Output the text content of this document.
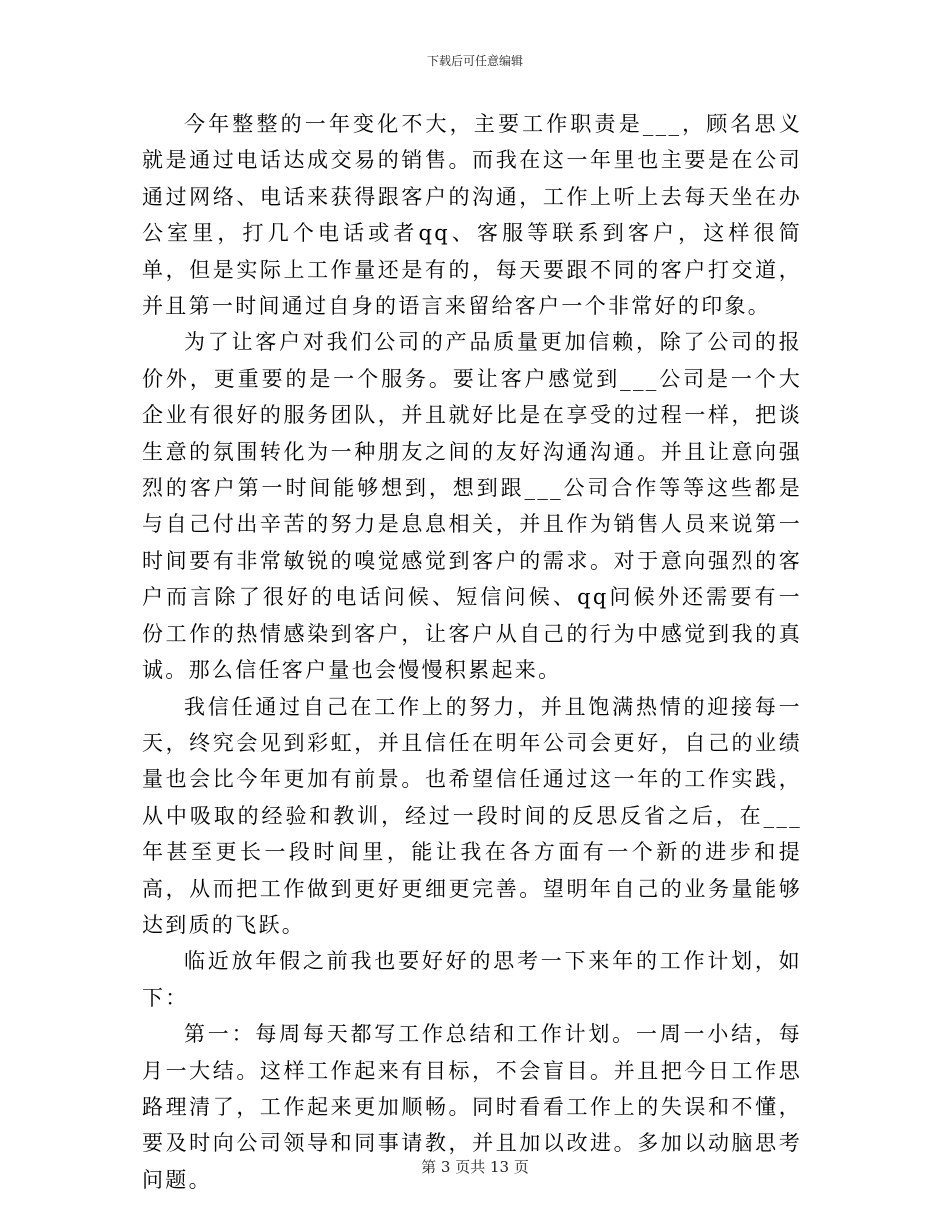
下载后可任意编辑

今年整整的一年变化不大，主要工作职责是___，顾名思义就是通过电话达成交易的销售。而我在这一年里也主要是在公司通过网络、电话来获得跟客户的沟通，工作上听上去每天坐在办公室里，打几个电话或者qq、客服等联系到客户，这样很简单，但是实际上工作量还是有的，每天要跟不同的客户打交道，并且第一时间通过自身的语言来留给客户一个非常好的印象。

为了让客户对我们公司的产品质量更加信赖，除了公司的报价外，更重要的是一个服务。要让客户感觉到___公司是一个大企业有很好的服务团队，并且就好比是在享受的过程一样，把谈生意的氛围转化为一种朋友之间的友好沟通沟通。并且让意向强烈的客户第一时间能够想到，想到跟___公司合作等等这些都是与自己付出辛苦的努力是息息相关，并且作为销售人员来说第一时间要有非常敏锐的嗅觉感觉到客户的需求。对于意向强烈的客户而言除了很好的电话问候、短信问候、qq问候外还需要有一份工作的热情感染到客户，让客户从自己的行为中感觉到我的真诚。那么信任客户量也会慢慢积累起来。

我信任通过自己在工作上的努力，并且饱满热情的迎接每一天，终究会见到彩虹，并且信任在明年公司会更好，自己的业绩量也会比今年更加有前景。也希望信任通过这一年的工作实践，从中吸取的经验和教训，经过一段时间的反思反省之后，在___年甚至更长一段时间里，能让我在各方面有一个新的进步和提高，从而把工作做到更好更细更完善。望明年自己的业务量能够达到质的飞跃。

临近放年假之前我也要好好的思考一下来年的工作计划，如下：

第一：每周每天都写工作总结和工作计划。一周一小结，每月一大结。这样工作起来有目标，不会盲目。并且把今日工作思路理清了，工作起来更加顺畅。同时看看工作上的失误和不懂，要及时向公司领导和同事请教，并且加以改进。多加以动脑思考问题。

第 3 页共 13 页
